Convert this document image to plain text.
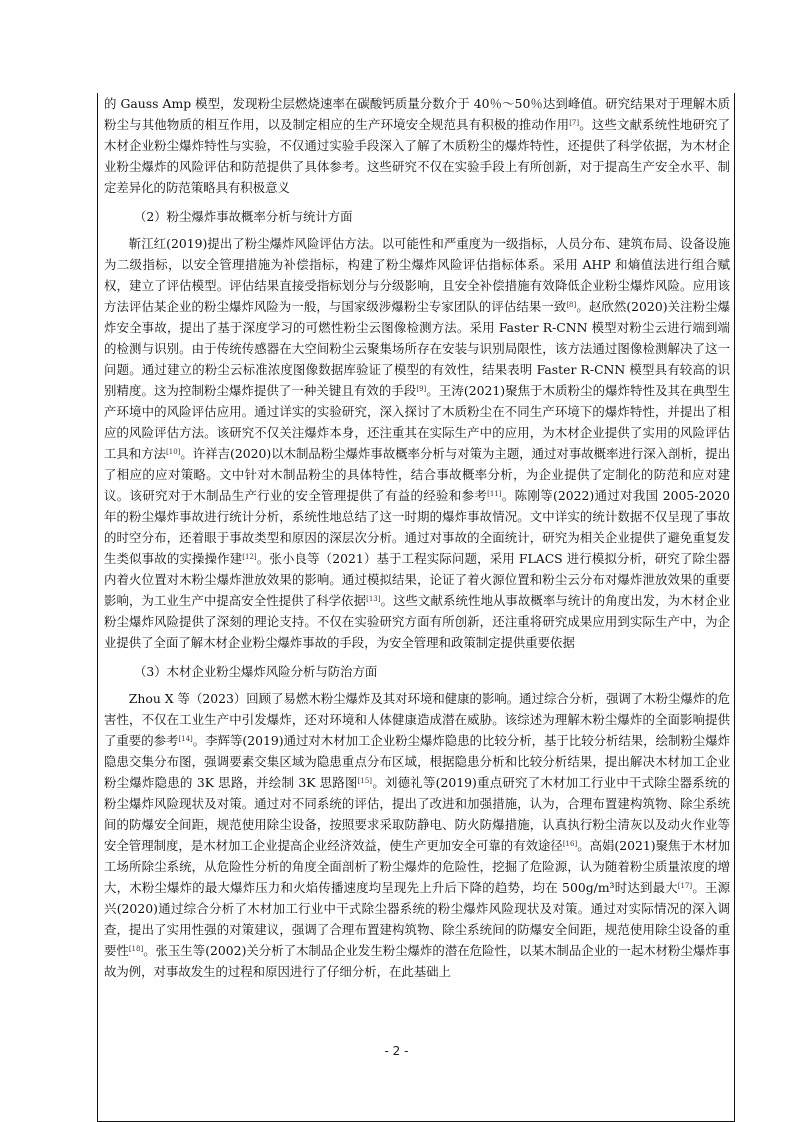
的 Gauss Amp 模型，发现粉尘层燃烧速率在碳酸钙质量分数介于 40％～50％达到峰值。研究结果对于理解木质粉尘与其他物质的相互作用，以及制定相应的生产环境安全规范具有积极的推动作用[7]。这些文献系统性地研究了木材企业粉尘爆炸特性与实验，不仅通过实验手段深入了解了木质粉尘的爆炸特性，还提供了科学依据，为木材企业粉尘爆炸的风险评估和防范提供了具体参考。这些研究不仅在实验手段上有所创新，对于提高生产安全水平、制定差异化的防范策略具有积极意义

（2）粉尘爆炸事故概率分析与统计方面

靳江红(2019)提出了粉尘爆炸风险评估方法。以可能性和严重度为一级指标，人员分布、建筑布局、设备设施为二级指标，以安全管理措施为补偿指标，构建了粉尘爆炸风险评估指标体系。采用 AHP 和熵值法进行组合赋权，建立了评估模型。评估结果直接受指标划分与分级影响，且安全补偿措施有效降低企业粉尘爆炸风险。应用该方法评估某企业的粉尘爆炸风险为一般，与国家级涉爆粉尘专家团队的评估结果一致[8]。赵欣然(2020)关注粉尘爆炸安全事故，提出了基于深度学习的可燃性粉尘云图像检测方法。采用 Faster R-CNN 模型对粉尘云进行端到端的检测与识别。由于传统传感器在大空间粉尘云聚集场所存在安装与识别局限性，该方法通过图像检测解决了这一问题。通过建立的粉尘云标准浓度图像数据库验证了模型的有效性，结果表明 Faster R-CNN 模型具有较高的识别精度。这为控制粉尘爆炸提供了一种关键且有效的手段[9]。王涛(2021)聚焦于木质粉尘的爆炸特性及其在典型生产环境中的风险评估应用。通过详实的实验研究，深入探讨了木质粉尘在不同生产环境下的爆炸特性，并提出了相应的风险评估方法。该研究不仅关注爆炸本身，还注重其在实际生产中的应用，为木材企业提供了实用的风险评估工具和方法[10]。许祥吉(2020)以木制品粉尘爆炸事故概率分析与对策为主题，通过对事故概率进行深入剖析，提出了相应的应对策略。文中针对木制品粉尘的具体特性，结合事故概率分析，为企业提供了定制化的防范和应对建议。该研究对于木制品生产行业的安全管理提供了有益的经验和参考[11]。陈刚等(2022)通过对我国 2005-2020 年的粉尘爆炸事故进行统计分析，系统性地总结了这一时期的爆炸事故情况。文中详实的统计数据不仅呈现了事故的时空分布，还着眼于事故类型和原因的深层次分析。通过对事故的全面统计，研究为相关企业提供了避免重复发生类似事故的实操操作建[12]。张小良等（2021）基于工程实际问题，采用 FLACS 进行模拟分析，研究了除尘器内着火位置对木粉尘爆炸泄放效果的影响。通过模拟结果，论证了着火源位置和粉尘云分布对爆炸泄放效果的重要影响，为工业生产中提高安全性提供了科学依据[13]。这些文献系统性地从事故概率与统计的角度出发，为木材企业粉尘爆炸风险提供了深刻的理论支持。不仅在实验研究方面有所创新，还注重将研究成果应用到实际生产中，为企业提供了全面了解木材企业粉尘爆炸事故的手段，为安全管理和政策制定提供重要依据

（3）木材企业粉尘爆炸风险分析与防治方面

Zhou X 等（2023）回顾了易燃木粉尘爆炸及其对环境和健康的影响。通过综合分析，强调了木粉尘爆炸的危害性，不仅在工业生产中引发爆炸，还对环境和人体健康造成潜在威胁。该综述为理解木粉尘爆炸的全面影响提供了重要的参考[14]。李辉等(2019)通过对木材加工企业粉尘爆炸隐患的比较分析，基于比较分析结果，绘制粉尘爆炸隐患交集分布图，强调要素交集区域为隐患重点分布区域，根据隐患分析和比较分析结果，提出解决木材加工企业粉尘爆炸隐患的 3K 思路，并绘制 3K 思路图[15]。刘德礼等(2019)重点研究了木材加工行业中干式除尘器系统的粉尘爆炸风险现状及对策。通过对不同系统的评估，提出了改进和加强措施，认为，合理布置建构筑物、除尘系统间的防爆安全间距，规范使用除尘设备，按照要求采取防静电、防火防爆措施，认真执行粉尘清灰以及动火作业等安全管理制度，是木材加工企业提高企业经济效益，使生产更加安全可靠的有效途径[16]。高娟(2021)聚焦于木材加工场所除尘系统，从危险性分析的角度全面剖析了粉尘爆炸的危险性，挖掘了危险源，认为随着粉尘质量浓度的增大，木粉尘爆炸的最大爆炸压力和火焰传播速度均呈现先上升后下降的趋势，均在 500g/m³时达到最大[17]。王源兴(2020)通过综合分析了木材加工行业中干式除尘器系统的粉尘爆炸风险现状及对策。通过对实际情况的深入调查，提出了实用性强的对策建议，强调了合理布置建构筑物、除尘系统间的防爆安全间距，规范使用除尘设备的重要性[18]。张玉生等(2002)关分析了木制品企业发生粉尘爆炸的潜在危险性，以某木制品企业的一起木材粉尘爆炸事故为例，对事故发生的过程和原因进行了仔细分析，在此基础上

- 2 -
